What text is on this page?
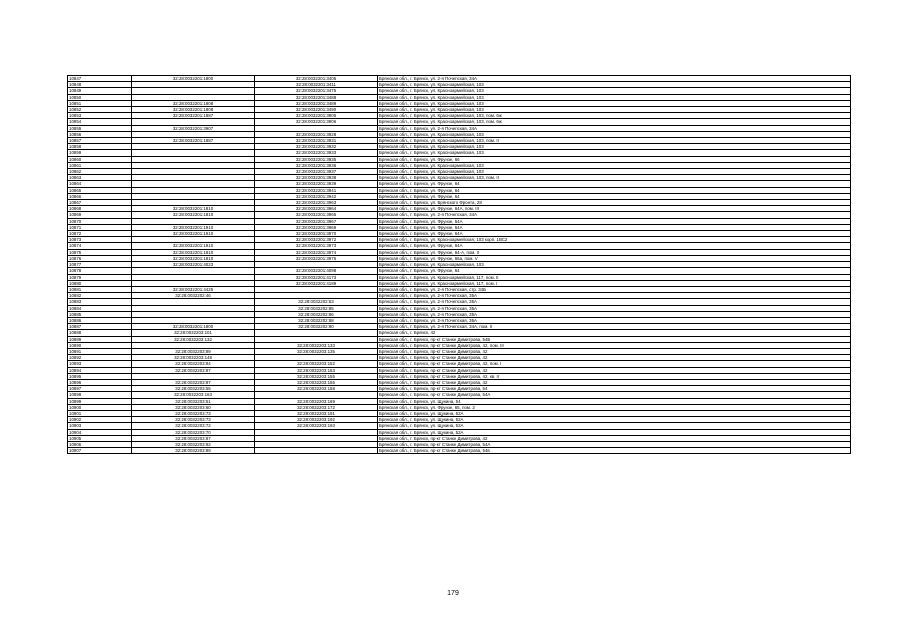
10847	32:28:0032201:1800	32:28:0032201:3405	Брянская обл., г. Брянск, ул. 2-я Почепская, 34А
10848		32:28:0032201:3411	Брянская обл., г. Брянск, ул. Красноармейская, 103
10849		32:28:0032201:3475	Брянская обл., г. Брянск, ул. Красноармейская, 103
10850		32:28:0032201:3488	Брянская обл., г. Брянск, ул. Красноармейская, 103
10851	32:28:0032201:1808	32:28:0032201:3489	Брянская обл., г. Брянск, ул. Красноармейская, 103
10852	32:28:0032201:1808	32:28:0032201:3490	Брянская обл., г. Брянск, ул. Красноармейская, 103
10853	32:28:0032201:1887	32:28:0032201:3905	Брянская обл., г. Брянск, ул. Красноармейская, 103, пом. 6ж
10854		32:28:0032201:3906	Брянская обл., г. Брянск, ул. Красноармейская, 103, пом. 6ж
10855	32:28:0032201:3907		Брянская обл., г. Брянск, ул. 2-я Почепская, 34А
10856		32:28:0032201:3928	Брянская обл., г. Брянск, ул. Красноармейская, 103
10857	32:28:0032201:1887	32:28:0032201:3931	Брянская обл., г. Брянск, ул. Красноармейская, 103, пом. II
10858		32:28:0032201:3932	Брянская обл., г. Брянск, ул. Красноармейская, 103
10859		32:28:0032201:3933	Брянская обл., г. Брянск, ул. Красноармейская, 103
10860		32:28:0032201:3935	Брянская обл., г. Брянск, ул. Фрунзе, 66
10861		32:28:0032201:3936	Брянская обл., г. Брянск, ул. Красноармейская, 103
10862		32:28:0032201:3937	Брянская обл., г. Брянск, ул. Красноармейская, 103
10863		32:28:0032201:3938	Брянская обл., г. Брянск, ул. Красноармейская, 103, пом. II
10864		32:28:0032201:3939	Брянская обл., г. Брянск, ул. Фрунзе, 64
10865		32:28:0032201:3941	Брянская обл., г. Брянск, ул. Фрунзе, 64
10866		32:28:0032201:3942	Брянская обл., г. Брянск, ул. Фрунзе, 64
10867		32:28:0032201:3963	Брянская обл., г. Брянск, ул. Брянского Фронта, 28
10868	32:28:0032201:1810	32:28:0032201:3964	Брянская обл., г. Брянск, ул. Фрунзе, 64А, пом. III
10869	32:28:0032201:1810	32:28:0032201:3965	Брянская обл., г. Брянск, ул. 2-я Почепская, 34А
10870		32:28:0032201:3967	Брянская обл., г. Брянск, ул. Фрунзе, 64А
10871	32:28:0032201:1910	32:28:0032201:3969	Брянская обл., г. Брянск, ул. Фрунзе, 64А
10872	32:28:0032201:1910	32:28:0032201:3970	Брянская обл., г. Брянск, ул. Фрунзе, 64А
10873		32:28:0032201:3972	Брянская обл., г. Брянск, ул. Красноармейская, 103 корп. 1ВС2
10874	32:28:0032201:1910	32:28:0032201:3973	Брянская обл., г. Брянск, ул. Фрунзе, 64А
10875	32:28:0032201:1810	32:28:0032201:3974	Брянская обл., г. Брянск, ул. Фрунзе, 64-А, пом. II
10876	32:28:0032201:1810	32:28:0032201:3975	Брянская обл., г. Брянск, ул. Фрунзе, 66а, пом. V
10877	32:28:0032201:4023		Брянская обл., г. Брянск, ул. Красноармейская, 103
10878		32:28:0032201:4098	Брянская обл., г. Брянск, ул. Фрунзе, 64
10879		32:28:0032201:4173	Брянская обл., г. Брянск, ул. Красноармейская, 117, пом. II
10880		32:28:0032201:4189	Брянская обл., г. Брянск, ул. Красноармейская, 117, пом. I
10881	32:28:0032201:4425		Брянская обл., г. Брянск, ул. 2-я Почепская, стр. 34Б
10882	32:28:0032202:46		Брянская обл., г. Брянск, ул. 2-я Почепская, 35А
10883		32:28:0032202:63	Брянская обл., г. Брянск, ул. 2-я Почепская, 35А
10884		32:28:0032202:85	Брянская обл., г. Брянск, ул. 2-я Почепская, 35А
10885		32:28:0032202:86	Брянская обл., г. Брянск, ул. 2-я Почепская, 35А
10886		32:28:0032202:88	Брянская обл., г. Брянск, ул. 2-я Почепская, 35А
10887	32:28:0032201:1800	32:28:0032202:90	Брянская обл., г. Брянск, ул. 2-я Почепская, 34А, пом. II
10888	32:28:0032203:101		Брянская обл., г. Брянск, 42
10889	32:28:0032203:132		Брянская обл., г. Брянск, пр-кт Станке Димитрова, 54Б
10890		32:28:0032203:133	Брянская обл., г. Брянск, пр-кт Станке Димитрова, 42, пом. III
10891	32:28:0032203:89	32:28:0032203:135	Брянская обл., г. Брянск, пр-кт Станке Димитрова, 42
10892	32:28:0032203:148		Брянская обл., г. Брянск, пр-кт Станке Димитрова, 42
10893	32:28:0032203:84	32:28:0032203:152	Брянская обл., г. Брянск, пр-кт Станке Димитрова, 42, пом. I
10894	32:28:0032203:87	32:28:0032203:153	Брянская обл., г. Брянск, пр-кт Станке Димитрова, 42
10895		32:28:0032203:155	Брянская обл., г. Брянск, пр-кт Станке Димитрова, 42, кв. II
10896	32:28:0032203:87	32:28:0032203:156	Брянская обл., г. Брянск, пр-кт Станке Димитрова, 42
10897	32:28:0032203:55	32:28:0032203:158	Брянская обл., г. Брянск, пр-кт Станке Димитрова, 54
10898	32:28:0032203:163		Брянская обл., г. Брянск, пр-кт Станке Димитрова, 54А
10899	32:28:0032203:51	32:28:0032203:169	Брянская обл., г. Брянск, ул. Щукина, 54
10900	32:28:0032203:60	32:28:0032203:172	Брянская обл., г. Брянск, ул. Фрунзе, 65, пом. 2
10901	32:28:0032203:73	32:28:0032203:191	Брянская обл., г. Брянск, ул. Щукина, 52А
10902	32:28:0032203:73	32:28:0032203:192	Брянская обл., г. Брянск, ул. Щукина, 52А
10903	32:28:0032203:72	32:28:0032203:193	Брянская обл., г. Брянск, ул. Щукина, 52А
10904	32:28:0032203:70		Брянская обл., г. Брянск, ул. Щукина, 52А
10905	32:28:0032203:87		Брянская обл., г. Брянск, пр-кт Станке Димитрова, 42
10906	32:28:0032203:92		Брянская обл., г. Брянск, пр-кт Станке Димитрова, 54А
10907	32:28:0032203:89		Брянская обл., г. Брянск, пр-кт Станке Димитрова, 54в
179
